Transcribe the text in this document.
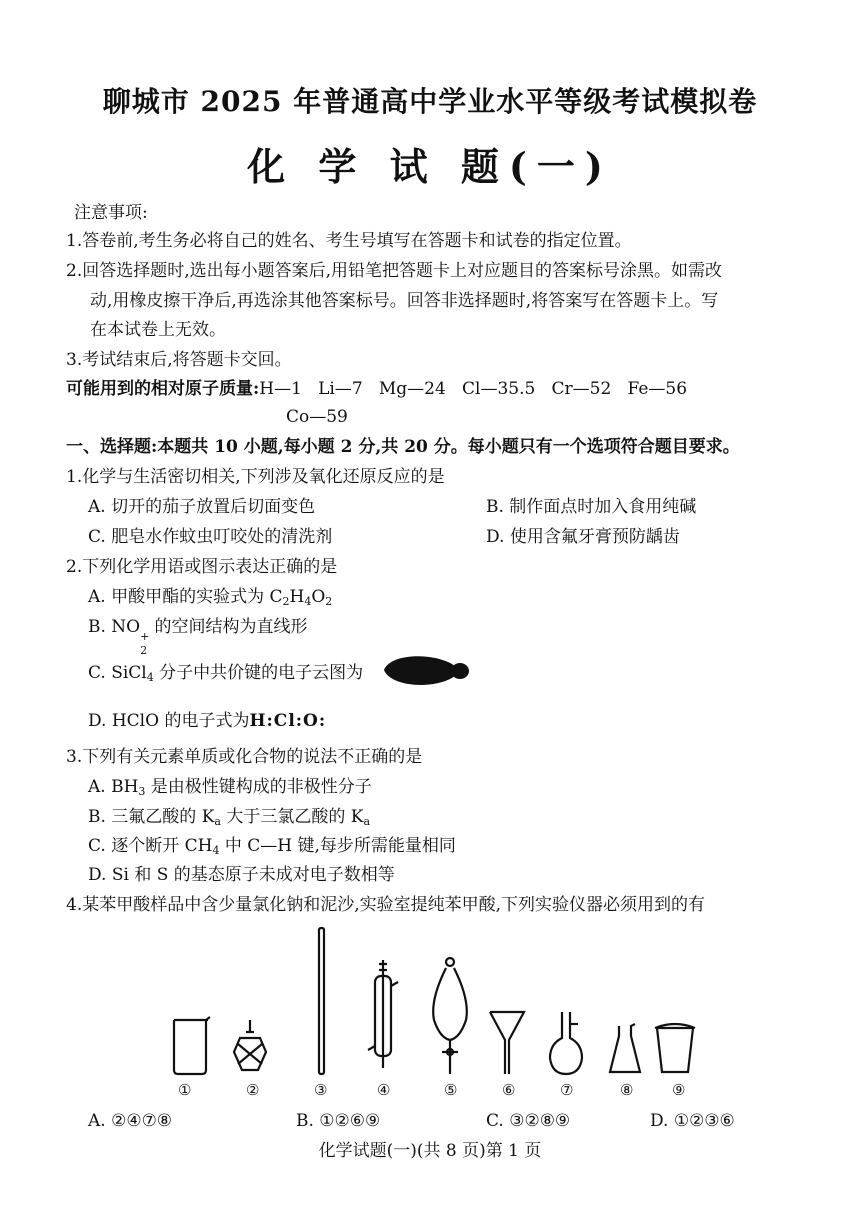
聊城市 2025 年普通高中学业水平等级考试模拟卷
化 学 试 题(一)
注意事项:
1.答卷前,考生务必将自己的姓名、考生号填写在答题卡和试卷的指定位置。
2.回答选择题时,选出每小题答案后,用铅笔把答题卡上对应题目的答案标号涂黑。如需改
动,用橡皮擦干净后,再选涂其他答案标号。回答非选择题时,将答案写在答题卡上。写
在本试卷上无效。
3.考试结束后,将答题卡交回。
可能用到的相对原子质量:H—1   Li—7   Mg—24   Cl—35.5   Cr—52   Fe—56
Co—59
一、选择题:本题共 10 小题,每小题 2 分,共 20 分。每小题只有一个选项符合题目要求。
1.化学与生活密切相关,下列涉及氧化还原反应的是
A. 切开的茄子放置后切面变色	B. 制作面点时加入食用纯碱
C. 肥皂水作蚊虫叮咬处的清洗剂	D. 使用含氟牙膏预防龋齿
2.下列化学用语或图示表达正确的是
A. 甲酸甲酯的实验式为 $C_2H_4O_2$
B. NO +
2
的空间结构为直线形
C. SiCl$_4$ 分子中共价键的电子云图为
D. HClO 的电子式为H:Cl:O:
3.下列有关元素单质或化合物的说法不正确的是
A. $BH_3$ 是由极性键构成的非极性分子
B. 三氟乙酸的 $K_a$ 大于三氯乙酸的 $K_a$
C. 逐个断开 $CH_4$ 中 C—H 键,每步所需能量相同
D. Si 和 S 的基态原子未成对电子数相等
4.某苯甲酸样品中含少量氯化钠和泥沙,实验室提纯苯甲酸,下列实验仪器必须用到的有
①	②	③	④	⑤	⑥	⑦	⑧	⑨
A. ②④⑦⑧	B. ①②⑥⑨	C. ③②⑧⑨	D. ①②③⑥
化学试题(一)(共 8 页)第 1 页
